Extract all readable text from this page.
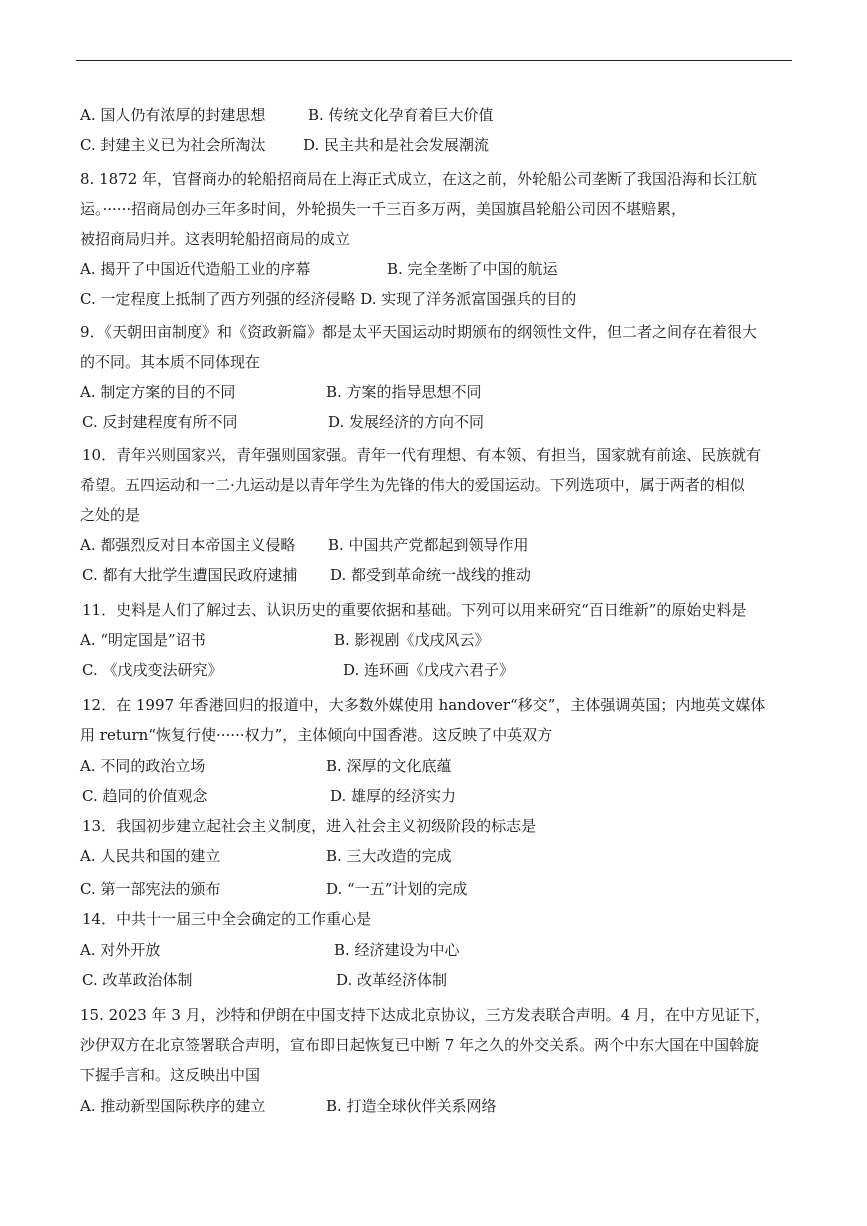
A. 国人仍有浓厚的封建思想	B. 传统文化孕育着巨大价值
C. 封建主义已为社会所淘汰	D. 民主共和是社会发展潮流
8. 1872 年，官督商办的轮船招商局在上海正式成立，在这之前，外轮船公司垄断了我国沿海和长江航
运。······招商局创办三年多时间，外轮损失一千三百多万两，美国旗昌轮船公司因不堪赔累，
被招商局归并。这表明轮船招商局的成立
A. 揭开了中国近代造船工业的序幕	B. 完全垄断了中国的航运
C. 一定程度上抵制了西方列强的经济侵略 D. 实现了洋务派富国强兵的目的
9．《天朝田亩制度》和《资政新篇》都是太平天国运动时期颁布的纲领性文件，但二者之间存在着很大
的不同。其本质不同体现在
A. 制定方案的目的不同	B. 方案的指导思想不同
C. 反封建程度有所不同	D. 发展经济的方向不同
10．青年兴则国家兴，青年强则国家强。青年一代有理想、有本领、有担当，国家就有前途、民族就有
希望。五四运动和一二·九运动是以青年学生为先锋的伟大的爱国运动。下列选项中，属于两者的相似
之处的是
A. 都强烈反对日本帝国主义侵略 B. 中国共产党都起到领导作用
C. 都有大批学生遭国民政府逮捕 D. 都受到革命统一战线的推动
11．史料是人们了解过去、认识历史的重要依据和基础。下列可以用来研究“百日维新”的原始史料是
A. “明定国是”诏书	B. 影视剧《戊戌风云》
C. 《戊戌变法研究》	D. 连环画《戊戌六君子》
12．在 1997 年香港回归的报道中，大多数外媒使用 handover“移交”，主体强调英国；内地英文媒体
用 return“恢复行使······权力”，主体倾向中国香港。这反映了中英双方
A. 不同的政治立场	B. 深厚的文化底蕴
C. 趋同的价值观念	D. 雄厚的经济实力
13．我国初步建立起社会主义制度，进入社会主义初级阶段的标志是
A. 人民共和国的建立	B. 三大改造的完成
C. 第一部宪法的颁布	D. “一五”计划的完成
14．中共十一届三中全会确定的工作重心是
A. 对外开放	B. 经济建设为中心
C. 改革政治体制	D. 改革经济体制
15. 2023 年 3 月，沙特和伊朗在中国支持下达成北京协议，三方发表联合声明。4 月，在中方见证下，
沙伊双方在北京签署联合声明，宣布即日起恢复已中断 7 年之久的外交关系。两个中东大国在中国斡旋
下握手言和。这反映出中国
A. 推动新型国际秩序的建立	B. 打造全球伙伴关系网络
